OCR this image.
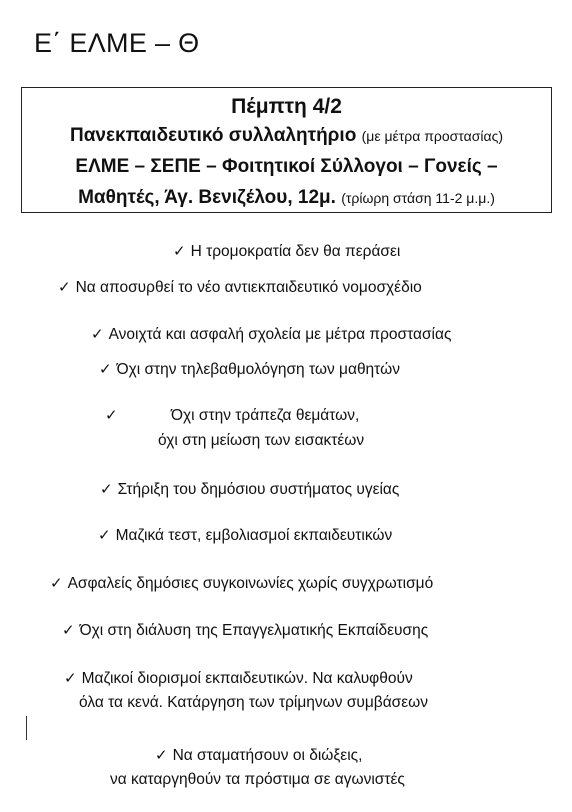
Ε΄ ΕΛΜΕ – Θ
Πέμπτη 4/2
Πανεκπαιδευτικό συλλαλητήριο (με μέτρα προστασίας)
ΕΛΜΕ – ΣΕΠΕ – Φοιτητικοί Σύλλογοι – Γονείς –
Μαθητές, Άγ. Βενιζέλου, 12μ. (τρίωρη στάση 11-2 μ.μ.)
✓ Η τρομοκρατία δεν θα περάσει
✓ Να αποσυρθεί το νέο αντιεκπαιδευτικό νομοσχέδιο
✓ Ανοιχτά και ασφαλή σχολεία με μέτρα προστασίας
✓ Όχι στην τηλεβαθμολόγηση των μαθητών
✓	Όχι στην τράπεζα θεμάτων,
όχι στη μείωση των εισακτέων
✓ Στήριξη του δημόσιου συστήματος υγείας
✓ Μαζικά τεστ, εμβολιασμοί εκπαιδευτικών
✓ Ασφαλείς δημόσιες συγκοινωνίες χωρίς συγχρωτισμό
✓ Όχι στη διάλυση της Επαγγελματικής Εκπαίδευσης
✓ Μαζικοί διορισμοί εκπαιδευτικών. Να καλυφθούν
όλα τα κενά. Κατάργηση των τρίμηνων συμβάσεων
✓ Να σταματήσουν οι διώξεις,
να καταργηθούν τα πρόστιμα σε αγωνιστές
